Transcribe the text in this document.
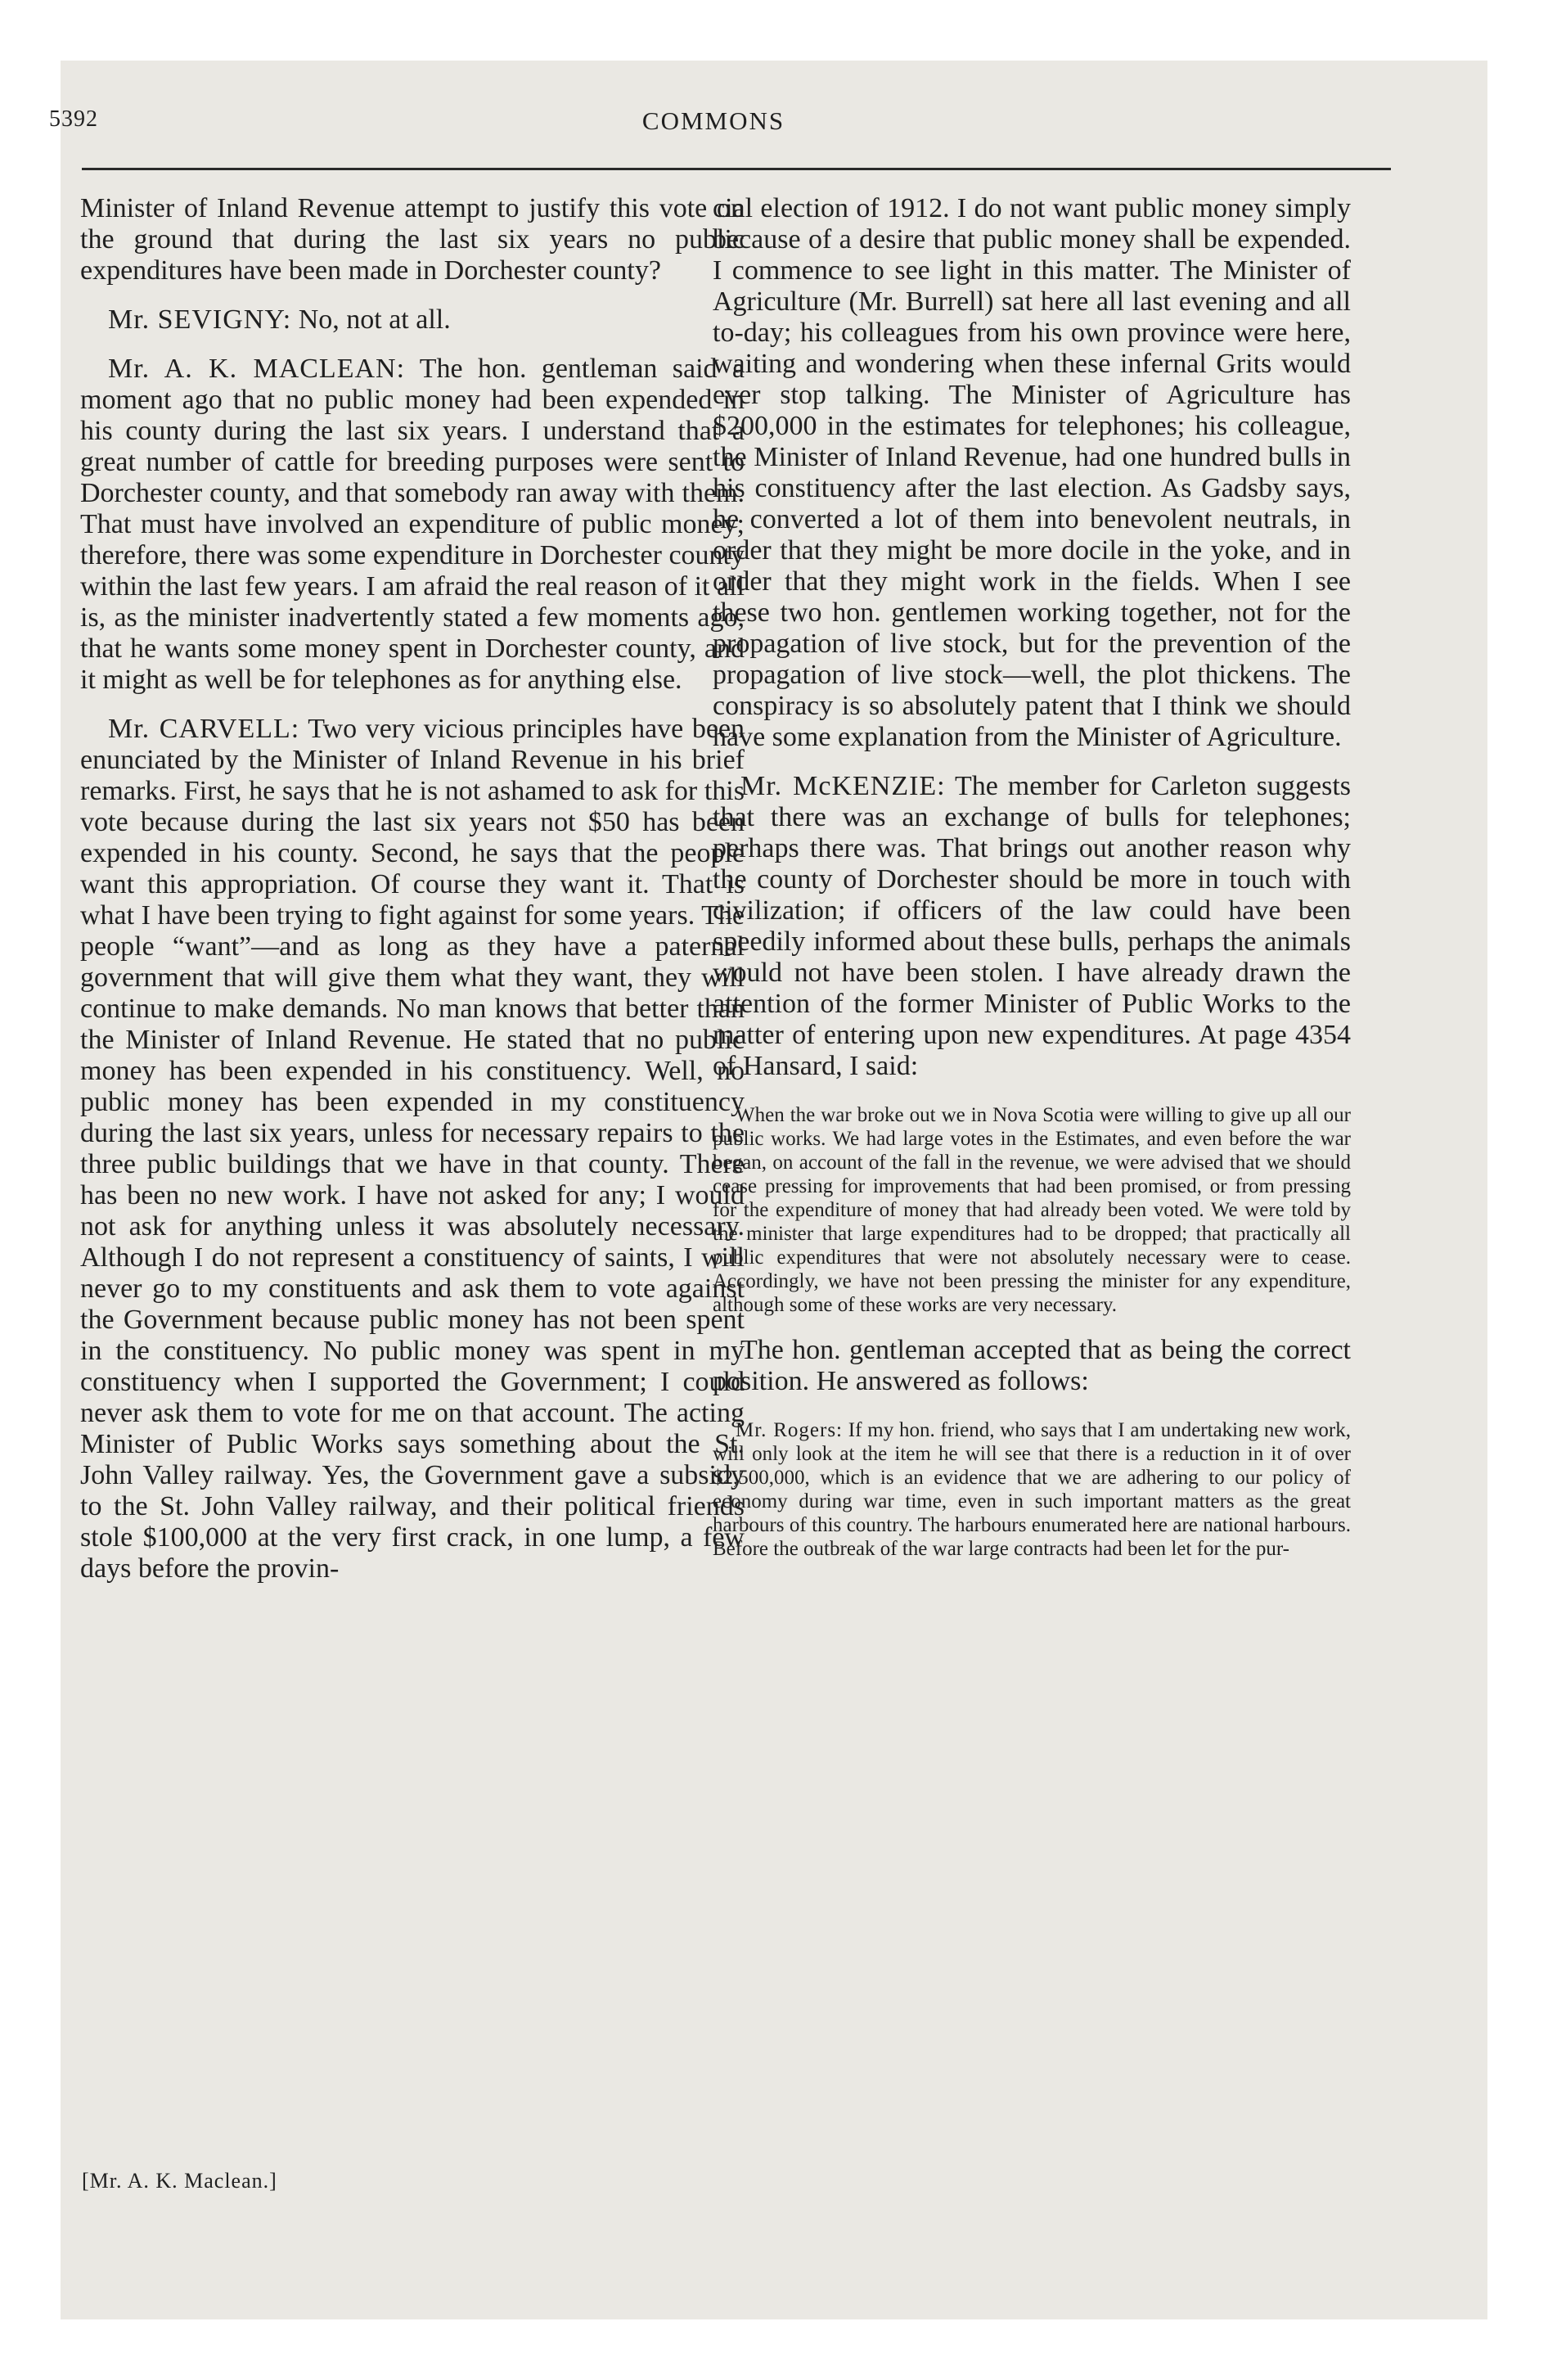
5392	COMMONS

Minister of Inland Revenue attempt to justify this vote on the ground that during the last six years no public expenditures have been made in Dorchester county?

Mr. SEVIGNY: No, not at all.

Mr. A. K. MACLEAN: The hon. gentleman said a moment ago that no public money had been expended in his county during the last six years. I understand that a great number of cattle for breeding purposes were sent to Dorchester county, and that somebody ran away with them. That must have involved an expenditure of public money; therefore, there was some expenditure in Dorchester county within the last few years. I am afraid the real reason of it all is, as the minister inadvertently stated a few moments ago, that he wants some money spent in Dorchester county, and it might as well be for telephones as for anything else.

Mr. CARVELL: Two very vicious principles have been enunciated by the Minister of Inland Revenue in his brief remarks. First, he says that he is not ashamed to ask for this vote because during the last six years not $50 has been expended in his county. Second, he says that the people want this appropriation. Of course they want it. That is what I have been trying to fight against for some years. The people “want”—and as long as they have a paternal government that will give them what they want, they will continue to make demands. No man knows that better than the Minister of Inland Revenue. He stated that no public money has been expended in his constituency. Well, no public money has been expended in my constituency during the last six years, unless for necessary repairs to the three public buildings that we have in that county. There has been no new work. I have not asked for any; I would not ask for anything unless it was absolutely necessary. Although I do not represent a constituency of saints, I will never go to my constituents and ask them to vote against the Government because public money has not been spent in the constituency. No public money was spent in my constituency when I supported the Government; I could never ask them to vote for me on that account. The acting Minister of Public Works says something about the St. John Valley railway. Yes, the Government gave a subsidy to the St. John Valley railway, and their political friends stole $100,000 at the very first crack, in one lump, a few days before the provin-

cial election of 1912. I do not want public money simply because of a desire that public money shall be expended. I commence to see light in this matter. The Minister of Agriculture (Mr. Burrell) sat here all last evening and all to-day; his colleagues from his own province were here, waiting and wondering when these infernal Grits would ever stop talking. The Minister of Agriculture has $200,000 in the estimates for telephones; his colleague, the Minister of Inland Revenue, had one hundred bulls in his constituency after the last election. As Gadsby says, he converted a lot of them into benevolent neutrals, in order that they might be more docile in the yoke, and in order that they might work in the fields. When I see these two hon. gentlemen working together, not for the propagation of live stock, but for the prevention of the propagation of live stock—well, the plot thickens. The conspiracy is so absolutely patent that I think we should have some explanation from the Minister of Agriculture.

Mr. McKENZIE: The member for Carleton suggests that there was an exchange of bulls for telephones; perhaps there was. That brings out another reason why the county of Dorchester should be more in touch with civilization; if officers of the law could have been speedily informed about these bulls, perhaps the animals would not have been stolen. I have already drawn the attention of the former Minister of Public Works to the matter of entering upon new expenditures. At page 4354 of Hansard, I said:

When the war broke out we in Nova Scotia were willing to give up all our public works. We had large votes in the Estimates, and even before the war began, on account of the fall in the revenue, we were advised that we should cease pressing for improvements that had been promised, or from pressing for the expenditure of money that had already been voted. We were told by the minister that large expenditures had to be dropped; that practically all public expenditures that were not absolutely necessary were to cease. Accordingly, we have not been pressing the minister for any expenditure, although some of these works are very necessary.

The hon. gentleman accepted that as being the correct position. He answered as follows:

Mr. Rogers: If my hon. friend, who says that I am undertaking new work, will only look at the item he will see that there is a reduction in it of over $2,500,000, which is an evidence that we are adhering to our policy of economy during war time, even in such important matters as the great harbours of this country. The harbours enumerated here are national harbours. Before the outbreak of the war large contracts had been let for the pur-

[Mr. A. K. Maclean.]
